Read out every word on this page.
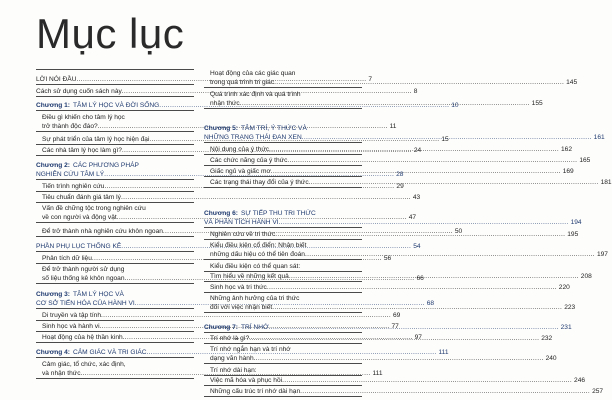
Mục lục
LỜI NÓI ĐẦU .....	7
Cách sử dụng cuốn sách này .....	8
Chương 1: TÂM LÝ HỌC VÀ ĐỜI SỐNG .....	10
Điều gì khiến cho tâm lý học
trở thành độc đáo? .....	11
Sự phát triển của tâm lý học hiện đại .....	15
Các nhà tâm lý học làm gì? .....	24
Chương 2: CÁC PHƯƠNG PHÁP
NGHIÊN CỨU TÂM LÝ .....	28
Tiến trình nghiên cứu .....	29
Tiêu chuẩn đánh giá tâm lý .....	43
Vấn đề chững tộc trong nghiên cứu
về con người và động vật .....	47
Để trở thành nhà nghiên cứu khôn ngoan .....	50
PHẦN PHỤ LỤC THỐNG KÊ .....	54
Phân tích dữ liệu .....	56
Để trở thành người sử dụng
số liệu thống kê khôn ngoan .....	66
Chương 3: TÂM LÝ HỌC VÀ
CƠ SỞ TIẾN HÓA CỦA HÀNH VI .....	68
Di truyền và tập tính .....	69
Sinh học và hành vi .....	77
Hoạt động của hệ thần kinh .....	97
Chương 4: CẢM GIÁC VÀ TRI GIÁC .....	111
Cảm giác, tổ chức, xác định,
và nhận thức .....	111
Hoạt động của các giác quan
trong quá trình tri giác .....	145
Quá trình xác định và quá trình
nhận thức .....	155
Chương 5: TÂM TRÍ, Ý THỨC VÀ
NHỮNG TRẠNG THÁI ĐAN XEN .....	161
Nội dung của ý thức .....	162
Các chức năng của ý thức .....	165
Giấc ngủ và giấc mơ .....	169
Các trạng thái thay đổi của ý thức .....	181
Chương 6: SỰ TIẾP THU TRI THỨC
VÀ PHÂN TÍCH HÀNH VI .....	194
Nghiên cứu về tri thức .....	195
Kiểu điều kiện cổ điển: Nhận biết
những dấu hiệu có thể tiên đoán .....	197
Kiểu điều kiện có thể quan sát:
Tìm hiểu về những kết quả .....	208
Sinh học và tri thức .....	220
Những ảnh hưởng của tri thức
đối với việc nhận biết .....	223
Chương 7: TRÍ NHỚ .....	231
Trí nhớ là gì? .....	232
Trí nhớ ngắn hạn và trí nhớ
dạng văn hành .....	240
Trí nhớ dài hạn:
Việc mã hóa và phục hồi .....	246
Những cấu trúc trí nhớ dài hạn .....	257
